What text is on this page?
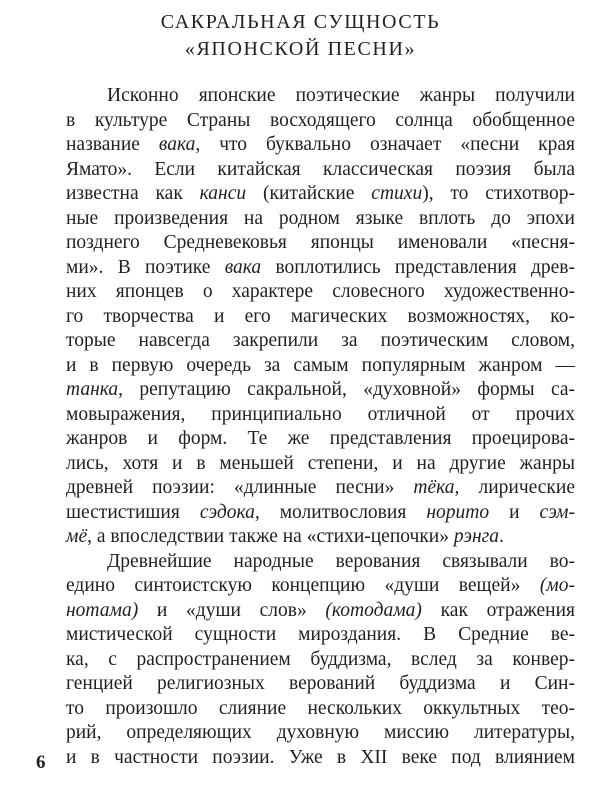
САКРАЛЬНАЯ СУЩНОСТЬ
«ЯПОНСКОЙ ПЕСНИ»
Исконно японские поэтические жанры получили
в культуре Страны восходящего солнца обобщенное
название вака, что буквально означает «песни края
Ямато». Если китайская классическая поэзия была
известна как канси (китайские стихи), то стихотвор-
ные произведения на родном языке вплоть до эпохи
позднего Средневековья японцы именовали «песня-
ми». В поэтике вака воплотились представления древ-
них японцев о характере словесного художественно-
го творчества и его магических возможностях, ко-
торые навсегда закрепили за поэтическим словом,
и в первую очередь за самым популярным жанром —
танка, репутацию сакральной, «духовной» формы са-
мовыражения, принципиально отличной от прочих
жанров и форм. Те же представления проецирова-
лись, хотя и в меньшей степени, и на другие жанры
древней поэзии: «длинные песни» тёка, лирические
шестистишия сэдока, молитвословия норито и сэм-
мё, а впоследствии также на «стихи-цепочки» рэнга.
Древнейшие народные верования связывали во-
едино синтоистскую концепцию «души вещей» (мо-
нотама) и «души слов» (котодама) как отражения
мистической сущности мироздания. В Средние ве-
ка, с распространением буддизма, вслед за конвер-
генцией религиозных верований буддизма и Син-
то произошло слияние нескольких оккультных тео-
рий, определяющих духовную миссию литературы,
и в частности поэзии. Уже в XII веке под влиянием
6
